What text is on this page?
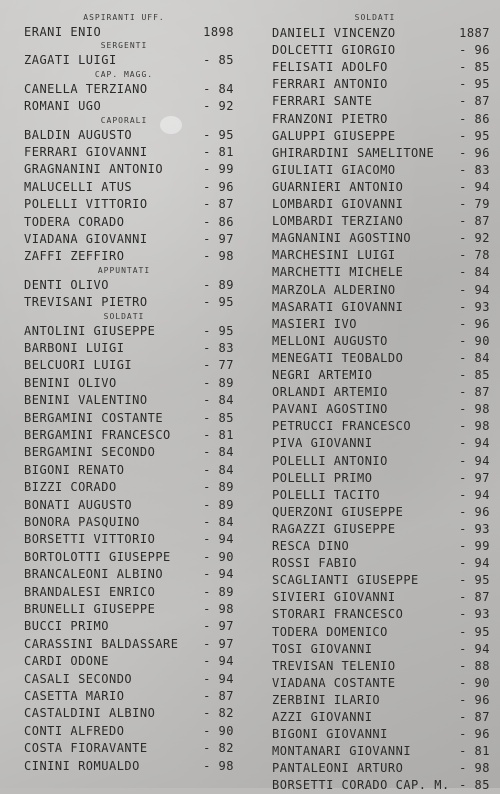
ASPIRANTI UFF.
ERANI ENIO	1898
SERGENTI
ZAGATI LUIGI	- 85
CAP. MAGG.
CANELLA TERZIANO	- 84
ROMANI UGO	- 92
CAPORALI
BALDIN AUGUSTO	- 95
FERRARI GIOVANNI	- 81
GRAGNANINI ANTONIO	- 99
MALUCELLI ATUS	- 96
POLELLI VITTORIO	- 87
TODERA CORADO	- 86
VIADANA GIOVANNI	- 97
ZAFFI ZEFFIRO	- 98
APPUNTATI
DENTI OLIVO	- 89
TREVISANI PIETRO	- 95
SOLDATI
ANTOLINI GIUSEPPE	- 95
BARBONI LUIGI	- 83
BELCUORI LUIGI	- 77
BENINI OLIVO	- 89
BENINI VALENTINO	- 84
BERGAMINI COSTANTE	- 85
BERGAMINI FRANCESCO	- 81
BERGAMINI SECONDO	- 84
BIGONI RENATO	- 84
BIZZI CORADO	- 89
BONATI AUGUSTO	- 89
BONORA PASQUINO	- 84
BORSETTI VITTORIO	- 94
BORTOLOTTI GIUSEPPE	- 90
BRANCALEONI ALBINO	- 94
BRANDALESI ENRICO	- 89
BRUNELLI GIUSEPPE	- 98
BUCCI PRIMO	- 97
CARASSINI BALDASSARE - 97
CARDI ODONE	- 94
CASALI SECONDO	- 94
CASETTA MARIO	- 87
CASTALDINI ALBINO	- 82
CONTI ALFREDO	- 90
COSTA FIORAVANTE	- 82
CININI ROMUALDO	- 98
SOLDATI
DANIELI VINCENZO	1887
DOLCETTI GIORGIO	- 96
FELISATI ADOLFO	- 85
FERRARI ANTONIO	- 95
FERRARI SANTE	- 87
FRANZONI PIETRO	- 86
GALUPPI GIUSEPPE	- 95
GHIRARDINI SAMELITONE - 96
GIULIATI GIACOMO	- 83
GUARNIERI ANTONIO	- 94
LOMBARDI GIOVANNI	- 79
LOMBARDI TERZIANO	- 87
MAGNANINI AGOSTINO	- 92
MARCHESINI LUIGI	- 78
MARCHETTI MICHELE	- 84
MARZOLA ALDERINO	- 94
MASARATI GIOVANNI	- 93
MASIERI IVO	- 96
MELLONI AUGUSTO	- 90
MENEGATI TEOBALDO	- 84
NEGRI ARTEMIO	- 85
ORLANDI ARTEMIO	- 87
PAVANI AGOSTINO	- 98
PETRUCCI FRANCESCO	- 98
PIVA GIOVANNI	- 94
POLELLI ANTONIO	- 94
POLELLI PRIMO	- 97
POLELLI TACITO	- 94
QUERZONI GIUSEPPE	- 96
RAGAZZI GIUSEPPE	- 93
RESCA DINO	- 99
ROSSI FABIO	- 94
SCAGLIANTI GIUSEPPE	- 95
SIVIERI GIOVANNI	- 87
STORARI FRANCESCO	- 93
TODERA DOMENICO	- 95
TOSI GIOVANNI	- 94
TREVISAN TELENIO	- 88
VIADANA COSTANTE	- 90
ZERBINI ILARIO	- 96
AZZI GIOVANNI	- 87
BIGONI GIOVANNI	- 96
MONTANARI GIOVANNI	- 81
PANTALEONI ARTURO	- 98
BORSETTI CORADO CAP. M. - 85
